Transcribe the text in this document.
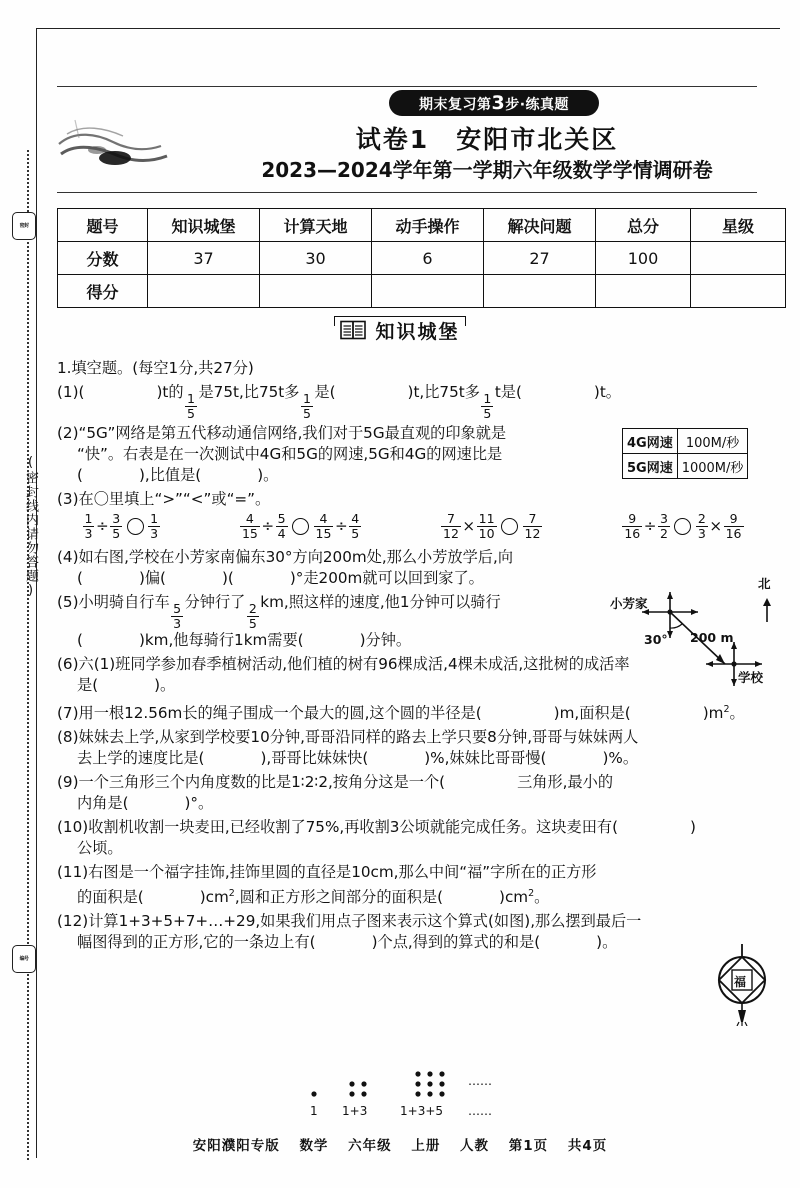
密封
编号
(密封线内请勿答题)
期末复习第3步·练真题
试卷1　安阳市北关区
2023—2024学年第一学期六年级数学学情调研卷
题号	知识城堡	计算天地	动手操作	解决问题	总分	星级
分数	37	30	6	27	100	
得分						
知识城堡
1.填空题。(每空1分,共27分)
(1)(	)t的 $\frac{1}{5}$ 是75t,比75t多 $\frac{1}{5}$ 是(	)t,比75t多 $\frac{1}{5}$ t是(	)t。
(2)“5G”网络是第五代移动通信网络,我们对于5G最直观的印象就是
“快”。右表是在一次测试中4G和5G的网速,5G和4G的网速比是
(	),比值是(	)。
(3)在〇里填上“>”“<”或“=”。
$\frac{1}{3} \div \frac{3}{5} \frac{1}{3}$	$\frac{4}{15} \div \frac{5}{4} \frac{4}{15} \div \frac{4}{5}$	$\frac{7}{12} \times \frac{11}{10} \frac{7}{12}$	$\frac{9}{16} \div \frac{3}{2} \frac{2}{3} \times \frac{9}{16}$
(4)如右图,学校在小芳家南偏东30°方向200m处,那么小芳放学后,向
(	)偏(	)(	)°走200m就可以回到家了。
(5)小明骑自行车 $\frac{5}{3}$ 分钟行了 $\frac{2}{5}$ km,照这样的速度,他1分钟可以骑行
(	)km,他每骑行1km需要(	)分钟。
(6)六(1)班同学参加春季植树活动,他们植的树有96棵成活,4棵未成活,这批树的成活率
是(	)。
(7)用一根12.56m长的绳子围成一个最大的圆,这个圆的半径是(	)m,面积是(	)$m^2$。
(8)妹妹去上学,从家到学校要10分钟,哥哥沿同样的路去上学只要8分钟,哥哥与妹妹两人
去上学的速度比是(	),哥哥比妹妹快(	)%,妹妹比哥哥慢(	)%。
(9)一个三角形三个内角度数的比是1∶2∶2,按角分这是一个(	三角形,最小的
内角是(	)°。
(10)收割机收割一块麦田,已经收割了75%,再收割3公顷就能完成任务。这块麦田有(	)
公顷。
(11)右图是一个福字挂饰,挂饰里圆的直径是10cm,那么中间“福”字所在的正方形
的面积是(	)$cm^2$,圆和正方形之间部分的面积是(	)$cm^2$。
(12)计算1+3+5+7+…+29,如果我们用点子图来表示这个算式(如图),那么摆到最后一
幅图得到的正方形,它的一条边上有(	)个点,得到的算式的和是(	)。
4G网速	100M/秒
5G网速	1000M/秒
小芳家
北
30° 200 m
学校
福
1 1+3	1+3+5
……
……
安阳濮阳专版 数学 六年级 上册 人教 第1页 共4页
